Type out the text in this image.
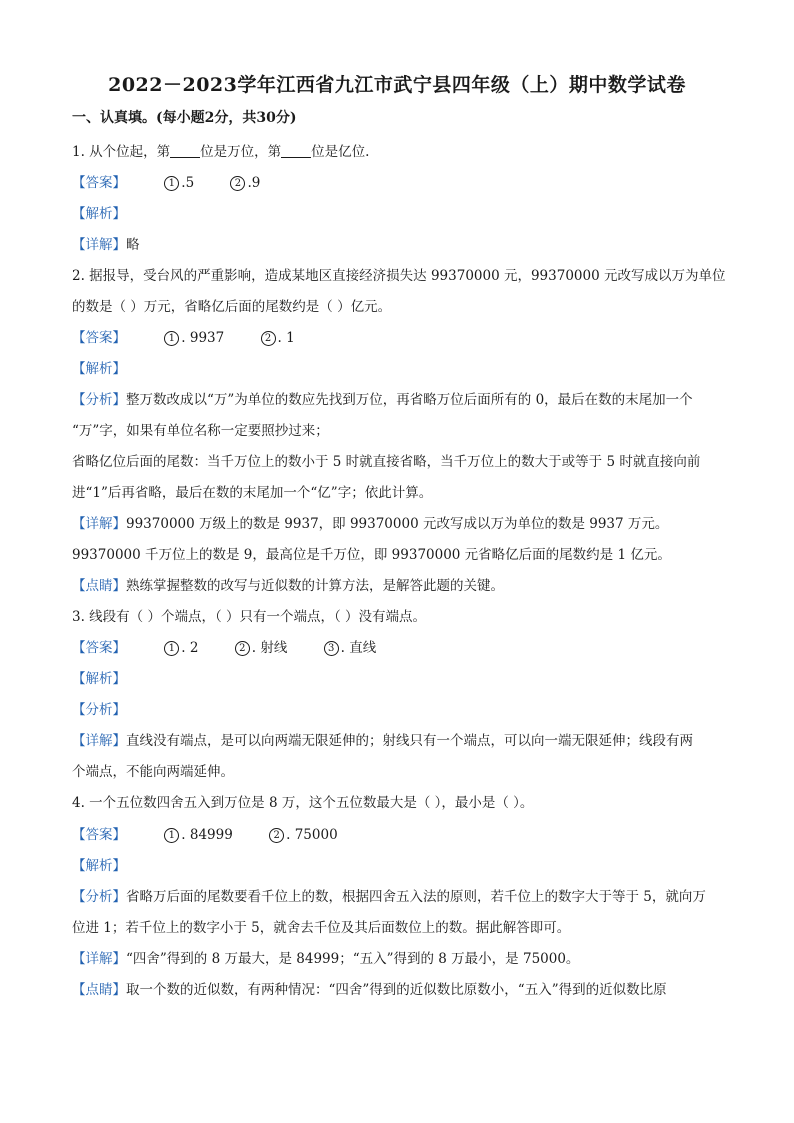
2022－2023学年江西省九江市武宁县四年级（上）期中数学试卷
一、认真填。(每小题2分，共30分)
1. 从个位起，第 位是万位，第 位是亿位.
【答案】	1 .5	2 .9
【解析】
【详解】略
2. 据报导，受台风的严重影响，造成某地区直接经济损失达 99370000 元，99370000 元改写成以万为单位
的数是（ ）万元，省略亿后面的尾数约是（ ）亿元。
【答案】	1 . 9937	2 . 1
【解析】
【分析】整万数改成以“万”为单位的数应先找到万位，再省略万位后面所有的 0，最后在数的末尾加一个
“万”字，如果有单位名称一定要照抄过来；
省略亿位后面的尾数：当千万位上的数小于 5 时就直接省略，当千万位上的数大于或等于 5 时就直接向前
进“1”后再省略，最后在数的末尾加一个“亿”字；依此计算。
【详解】99370000 万级上的数是 9937，即 99370000 元改写成以万为单位的数是 9937 万元。
99370000 千万位上的数是 9，最高位是千万位，即 99370000 元省略亿后面的尾数约是 1 亿元。
【点睛】熟练掌握整数的改写与近似数的计算方法，是解答此题的关键。
3. 线段有（ ）个端点，（ ）只有一个端点，（ ）没有端点。
【答案】	1 . 2	2 . 射线	3 . 直线
【解析】
【分析】
【详解】直线没有端点，是可以向两端无限延伸的；射线只有一个端点，可以向一端无限延伸；线段有两
个端点，不能向两端延伸。
4. 一个五位数四舍五入到万位是 8 万，这个五位数最大是（ ），最小是（ ）。
【答案】	1 . 84999	2 . 75000
【解析】
【分析】省略万后面的尾数要看千位上的数，根据四舍五入法的原则，若千位上的数字大于等于 5，就向万
位进 1；若千位上的数字小于 5，就舍去千位及其后面数位上的数。据此解答即可。
【详解】“四舍”得到的 8 万最大，是 84999；“五入”得到的 8 万最小，是 75000。
【点睛】取一个数的近似数，有两种情况：“四舍”得到的近似数比原数小，“五入”得到的近似数比原
